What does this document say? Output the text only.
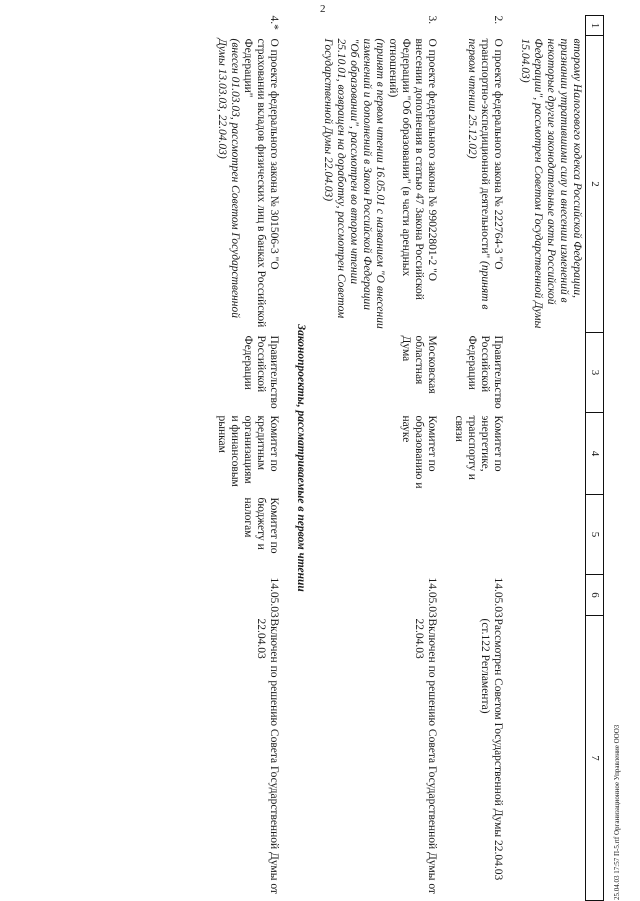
2
25.04.03 17:57 П-5.rtf Организационное Управление ООО3
1	2	3	4	5	6	7
	второму Налогового кодекса Российской Федерации, признании утратившими силу и внесении изменений в некоторые другие законодательные акты Российской Федерации", рассмотрен Советом Государственной Думы 15.04.03)					
2.	О проекте федерального закона № 222764-3 "О транспортно-экспедиционной деятельности" (принят в первом чтении 25.12.02)	Правительство Российской Федерации	Комитет по энергетике, транспорту и связи		14.05.03	Рассмотрен Советом Государственной Думы 22.04.03 (ст.122 Регламента)
3.	О проекте федерального закона № 99022801-2 "О внесении дополнения в статью 47 Закона Российской Федерации "Об образовании" (в части арендных отношений)
(принят в первом чтении 16.05.01 с названием "О внесении изменений и дополнений в Закон Российской Федерации "Об образовании", рассмотрен во втором чтении 25.10.01, возвращен на доработку, рассмотрен Советом Государственной Думы 22.04.03)	Московская областная Дума	Комитет по образованию и науке		14.05.03	Включен по решению Совета Государственной Думы от 22.04.03
Законопроекты, рассматриваемые в первом чтении						
4.*	О проекте федерального закона № 301506-3 "О страховании вкладов физических лиц в банках Российской Федерации"
(внесен 01.03.03, рассмотрен Советом Государственной Думы 13.03.03, 22.04.03)	Правительство Российской Федерации	Комитет по кредитным организациям и финансовым рынкам	Комитет по бюджету и налогам	14.05.03	Включен по решению Совета Государственной Думы от 22.04.03
